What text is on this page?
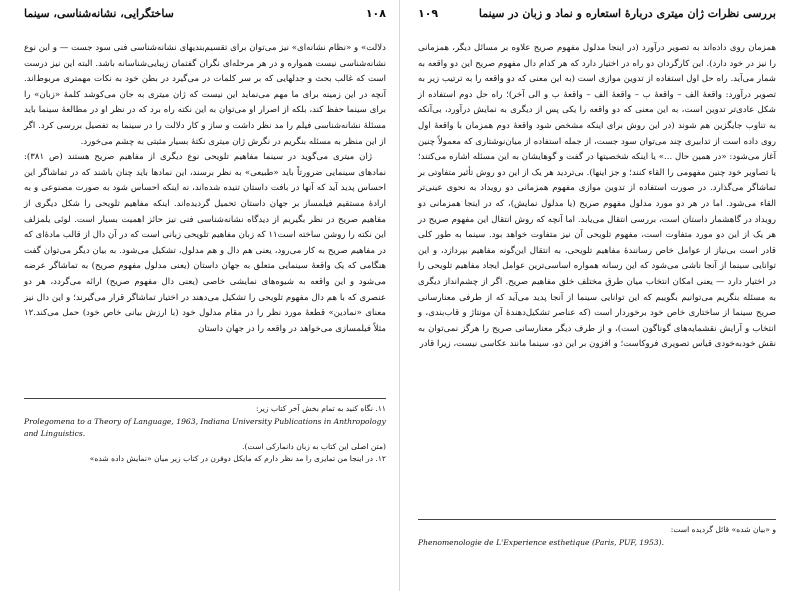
ساختگرایی، نشانه‌شناسی، سینما	۱۰۸

دلالت» و «نظام نشانه‌ای» نیز می‌توان برای تقسیم‌بندیهای نشانه‌شناسی فنی سود جست — و این نوع نشانه‌شناسی نیست همواره و در هر مرحله‌ای نگران گفتمان زیبایی‌شناسانه باشد. البته این نیز درست است که غالب بحث و جدلهایی که بر سر کلمات در می‌گیرد در بطن خود به نکات مهمتری مربوط‌اند. آنچه در این زمینه برای ما مهم می‌نماید این نیست که ژان میتری به جان می‌کوشد کلمهٔ «زبان» را برای سینما حفظ کند، بلکه از اصرار او می‌توان به این نکته راه برد که در نظر او در مطالعهٔ سینما باید مسئلهٔ نشانه‌شناسی فیلم را مد نظر داشت و ساز و کار دلالت را در سینما به تفصیل بررسی کرد. اگر از این منظر به مسئله بنگریم در نگرش ژان میتری نکتهٔ بسیار مثبتی به چشم می‌خورد.

ژان میتری می‌گوید در سینما مفاهیم تلویحی نوع دیگری از مفاهیم صریح هستند (ص ۳۸۱): نمادهای سینمایی ضرورتاً باید «طبیعی» به نظر برسند، این نمادها باید چنان باشند که در تماشاگر این احساس پدید آید که آنها در بافت داستان تنیده شده‌اند، نه اینکه احساس شود به صورت مصنوعی و به ارادهٔ مستقیم فیلمساز بر جهان داستان تحمیل گردیده‌اند. اینکه مفاهیم تلویحی را شکل دیگری از مفاهیم صریح در نظر بگیریم از دیدگاه نشانه‌شناسی فنی نیز حائز اهمیت بسیار است. لوئی یلمزلف این نکته را روشن ساخته است۱۱ که زبان مفاهیم تلویحی زبانی است که در آن دال از قالب مادهٔ‌ای که در مفاهیم صریح به کار می‌رود، یعنی هم دال و هم مدلول، تشکیل می‌شود. به بیان دیگر می‌توان گفت هنگامی که یک واقعهٔ سینمایی متعلق به جهان داستان (یعنی مدلول مفهوم صریح) به تماشاگر عرضه می‌شود و این واقعه به شیوه‌های نمایشی خاصی (یعنی دال مفهوم صریح) ارائه می‌گردد، هر دو عنصری که با هم دال مفهوم تلویحی را تشکیل می‌دهند در اختیار تماشاگر قرار می‌گیرند؛ و این دال نیز معنای «نمادین» قطعهٔ مورد نظر را در مقام مدلول خود (با ارزش بیانی خاص خود) حمل می‌کند.۱۲ مثلاً فیلمسازی می‌خواهد در واقعه را در جهان داستان

۱۱. نگاه کنید به تمام بخش آخر کتاب زیر:
Prolegomena to a Theory of Language, 1963, Indiana University Publications in Anthropology and Linguistics.
(متن اصلی این کتاب به زبان دانمارکی است).
۱۲. در اینجا من تمایزی را مد نظر دارم که مایکل دوفرن در کتاب زیر میان «نمایش داده شده»
۱۰۹	بررسی نظرات ژان میتری دربارهٔ استعاره و نماد و زبان در سینما

همزمان روی داده‌اند به تصویر درآورد (در اینجا مدلول مفهوم صریح علاوه بر مسائل دیگر، همزمانی را نیز در خود دارد). این کارگردان دو راه در اختیار دارد که هر کدام دال مفهوم صریح این دو واقعه به شمار می‌آید. راه حل اول استفاده از تدوین موازی است (به این معنی که دو واقعه را به ترتیب زیر به تصویر درآورد: واقعهٔ الف – واقعهٔ ب – واقعهٔ الف – واقعهٔ ب و الی آخر)؛ راه حل دوم استفاده از شکل عادی‌تر تدوین است، به این معنی که دو واقعه را یکی پس از دیگری به نمایش درآورد، بی‌آنکه به تناوب جایگزین هم شوند (در این روش برای اینکه مشخص شود واقعهٔ دوم همزمان با واقعهٔ اول روی داده است از تدابیری چند می‌توان سود جست، از جمله استفاده از میان‌نوشتاری که معمولاً چنین آغاز می‌شود: «در همین حال ...» یا اینکه شخصیتها در گفت و گوهایشان به این مسئله اشاره می‌کنند؛ یا تصاویر خود چنین مفهومی را القاء کنند؛ و جز اینها). بی‌تردید هر یک از این دو روش تأثیر متفاوتی بر تماشاگر می‌گذارد. در صورت استفاده از تدوین موازی مفهوم همزمانی دو رویداد به نحوی عینی‌تر القاء می‌شود. اما در هر دو مورد مدلول مفهوم صریح (یا مدلول نمایش)، که در اینجا همزمانی دو رویداد در گاهشمار داستان است، بررسی انتقال می‌یابد. اما آنچه که روش انتقال این مفهوم صریح در هر یک از این دو مورد متفاوت است، مفهوم تلویحی آن نیز متفاوت خواهد بود. سینما به طور کلی قادر است بی‌نیاز از عوامل خاص رسانندهٔ مفاهیم تلویحی، به انتقال این‌گونه مفاهیم بپردازد، و این توانایی سینما از آنجا ناشی می‌شود که این رسانه همواره اساسی‌ترین عوامل ایجاد مفاهیم تلویحی را در اختیار دارد — یعنی امکان انتخاب میان طرق مختلف خلق مفاهیم صریح. اگر از چشم‌انداز دیگری به مسئله بنگریم می‌توانیم بگوییم که این توانایی سینما از آنجا پدید می‌آید که از طرفی معنارسانی صریح سینما از ساختاری خاص خود برخوردار است (که عناصر تشکیل‌دهندهٔ آن مونتاژ و قاب‌بندی، و انتخاب و آرایش نقشمایه‌های گوناگون است)، و از طرف دیگر معنارسانی صریح را هرگز نمی‌توان به نقش خودبه‌خودی قیاس تصویری فروکاست؛ و افزون بر این دو، سینما مانند عکاسی نیست، زیرا قادر

و «بیان شده» قائل گردیده است:
Phenomenologie de L'Experience esthetique (Paris, PUF, 1953).
